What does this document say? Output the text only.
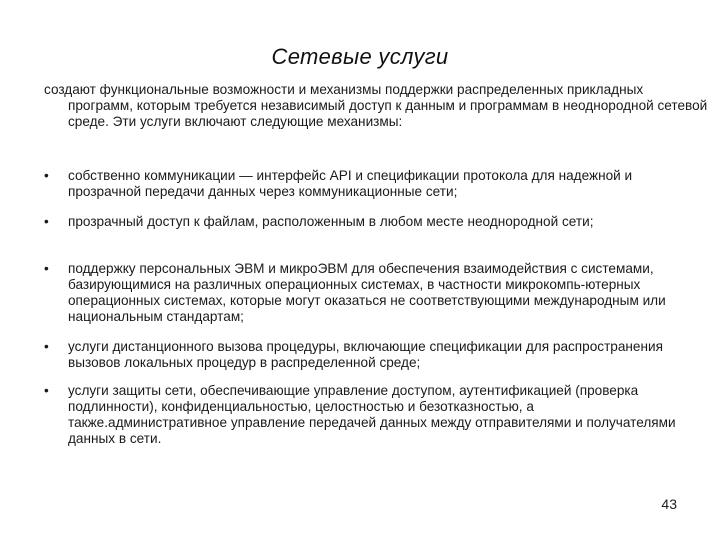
Сетевые услуги

создают функциональные возможности и механизмы поддержки распределенных прикладных программ, которым требуется независимый доступ к данным и программам в неоднородной сетевой среде. Эти услуги включают следующие механизмы:

•	собственно коммуникации — интерфейс API и спецификации протокола для надежной и прозрачной передачи данных через коммуникационные сети;
•	прозрачный доступ к файлам, расположенным в любом месте неоднородной сети;
•	поддержку персональных ЭВМ и микроЭВМ для обеспечения взаимодействия с системами, базирующимися на различных операционных системах, в частности микрокомпь-ютерных операционных системах, которые могут оказаться не соответствующими международным или национальным стандартам;
•	услуги дистанционного вызова процедуры, включающие спецификации для распространения вызовов локальных процедур в распределенной среде;
•	услуги защиты сети, обеспечивающие управление доступом, аутентификацией (проверка подлинности), конфиденциальностью, целостностью и безотказностью, а также.административное управление передачей данных между отправителями и получателями данных в сети.
43
